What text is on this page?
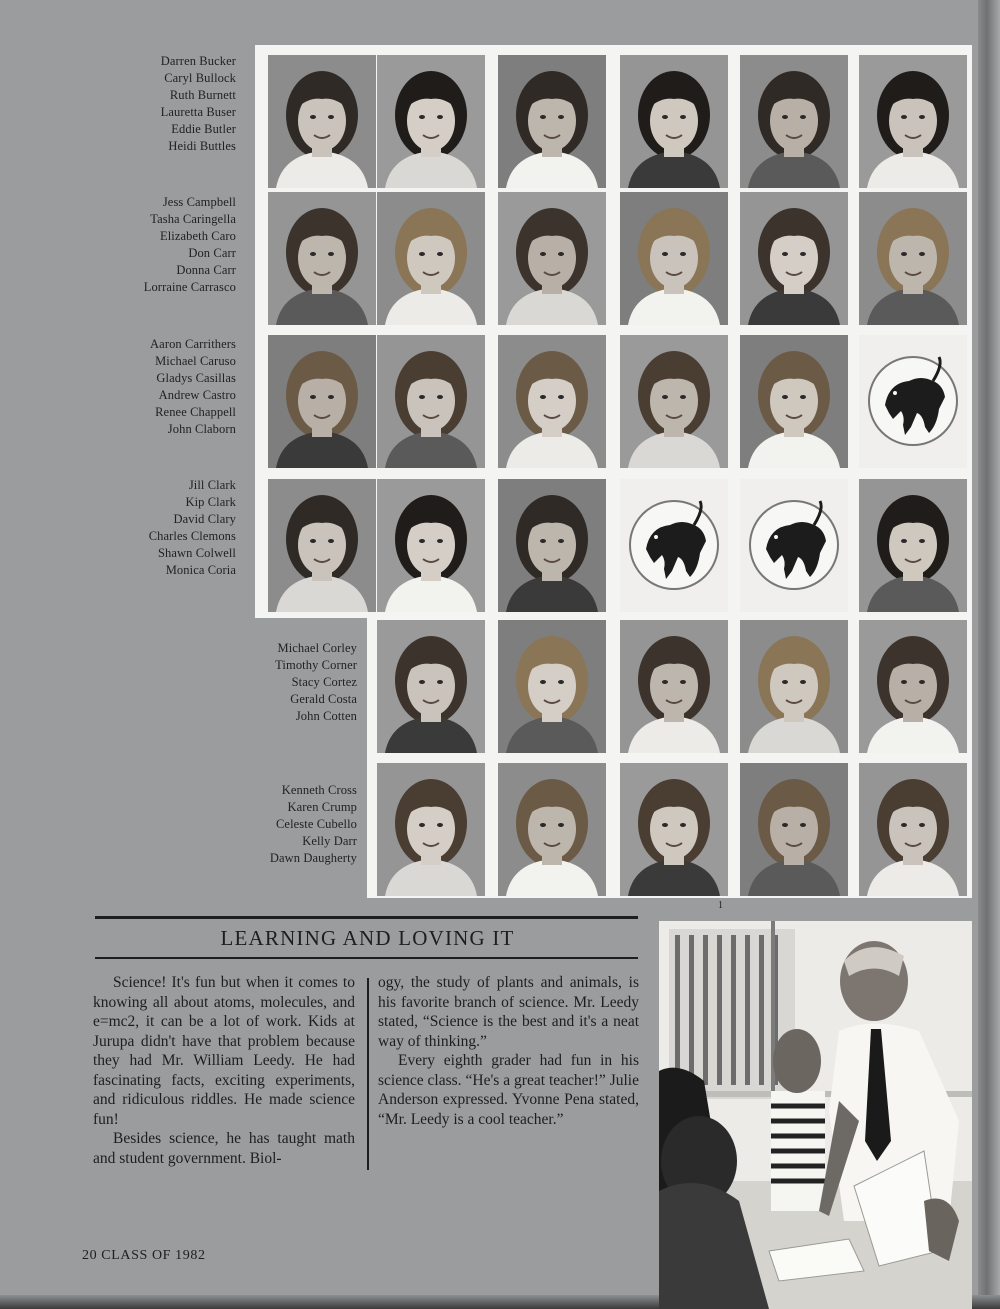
Darren Bucker
Caryl Bullock
Ruth Burnett
Lauretta Buser
Eddie Butler
Heidi Buttles
Jess Campbell
Tasha Caringella
Elizabeth Caro
Don Carr
Donna Carr
Lorraine Carrasco
Aaron Carrithers
Michael Caruso
Gladys Casillas
Andrew Castro
Renee Chappell
John Claborn
Jill Clark
Kip Clark
David Clary
Charles Clemons
Shawn Colwell
Monica Coria
Michael Corley
Timothy Corner
Stacy Cortez
Gerald Costa
John Cotten
Kenneth Cross
Karen Crump
Celeste Cubello
Kelly Darr
Dawn Daugherty
LEARNING AND LOVING IT

Science! It's fun but when it comes to knowing all about atoms, molecules, and e=mc2, it can be a lot of work. Kids at Jurupa didn't have that problem because they had Mr. William Leedy. He had fascinating facts, exciting experiments, and ridiculous riddles. He made science fun!

Besides science, he has taught math and student government. Biol-

ogy, the study of plants and animals, is his favorite branch of science. Mr. Leedy stated, “Science is the best and it's a neat way of thinking.”

Every eighth grader had fun in his science class. “He's a great teacher!” Julie Anderson expressed. Yvonne Pena stated, “Mr. Leedy is a cool teacher.”

1
20 CLASS OF 1982
